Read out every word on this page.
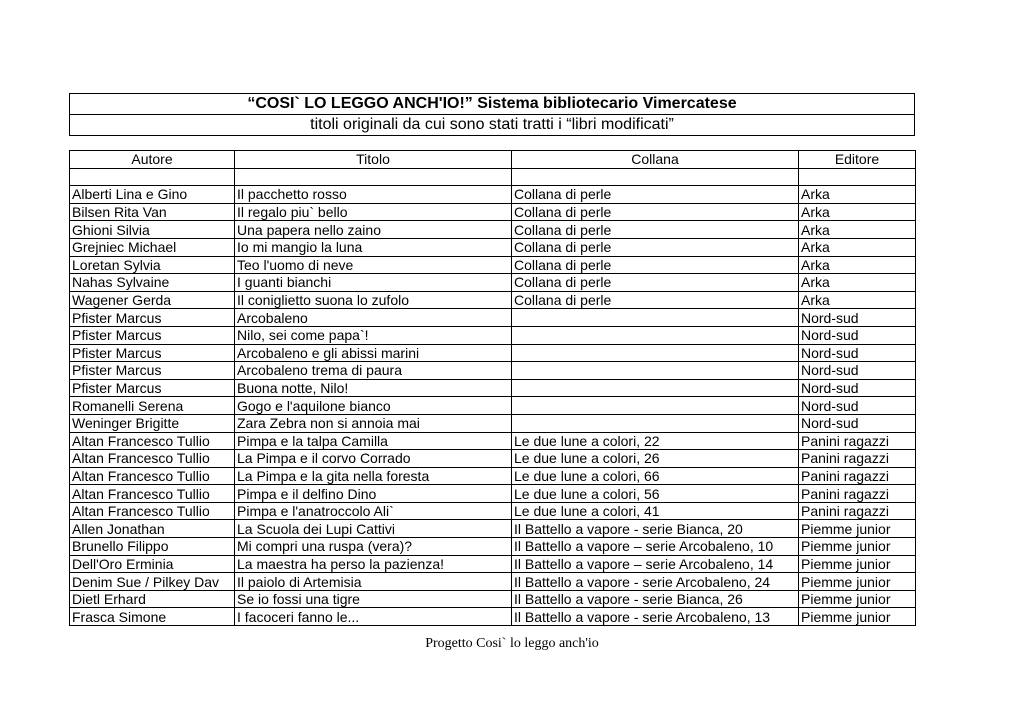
“COSI` LO LEGGO ANCH'IO!” Sistema bibliotecario Vimercatese
titoli originali da cui sono stati tratti i “libri modificati”
Autore	Titolo	Collana	Editore

Alberti Lina e Gino	Il pacchetto rosso	Collana di perle	Arka
Bilsen Rita Van	Il regalo piu` bello	Collana di perle	Arka
Ghioni Silvia	Una papera nello zaino	Collana di perle	Arka
Grejniec Michael	Io mi mangio la luna	Collana di perle	Arka
Loretan Sylvia	Teo l'uomo di neve	Collana di perle	Arka
Nahas Sylvaine	I guanti bianchi	Collana di perle	Arka
Wagener Gerda	Il coniglietto suona lo zufolo	Collana di perle	Arka
Pfister Marcus	Arcobaleno		Nord-sud
Pfister Marcus	Nilo, sei come papa`!		Nord-sud
Pfister Marcus	Arcobaleno e gli abissi marini		Nord-sud
Pfister Marcus	Arcobaleno trema di paura		Nord-sud
Pfister Marcus	Buona notte, Nilo!		Nord-sud
Romanelli Serena	Gogo e l'aquilone bianco		Nord-sud
Weninger Brigitte	Zara Zebra non si annoia mai		Nord-sud
Altan Francesco Tullio	Pimpa e la talpa Camilla	Le due lune a colori, 22	Panini ragazzi
Altan Francesco Tullio	La Pimpa e il corvo Corrado	Le due lune a colori, 26	Panini ragazzi
Altan Francesco Tullio	La Pimpa e la gita nella foresta	Le due lune a colori, 66	Panini ragazzi
Altan Francesco Tullio	Pimpa e il delfino Dino	Le due lune a colori, 56	Panini ragazzi
Altan Francesco Tullio	Pimpa e l'anatroccolo Ali`	Le due lune a colori, 41	Panini ragazzi
Allen Jonathan	La Scuola dei Lupi Cattivi	Il Battello a vapore - serie Bianca, 20	Piemme junior
Brunello Filippo	Mi compri una ruspa (vera)?	Il Battello a vapore – serie Arcobaleno, 10	Piemme junior
Dell'Oro Erminia	La maestra ha perso la pazienza!	Il Battello a vapore – serie Arcobaleno, 14	Piemme junior
Denim Sue / Pilkey Dav	Il paiolo di Artemisia	Il Battello a vapore - serie Arcobaleno, 24	Piemme junior
Dietl Erhard	Se io fossi una tigre	Il Battello a vapore - serie Bianca, 26	Piemme junior
Frasca Simone	I facoceri fanno le...	Il Battello a vapore - serie Arcobaleno, 13	Piemme junior
Progetto Cosi` lo leggo anch'io
